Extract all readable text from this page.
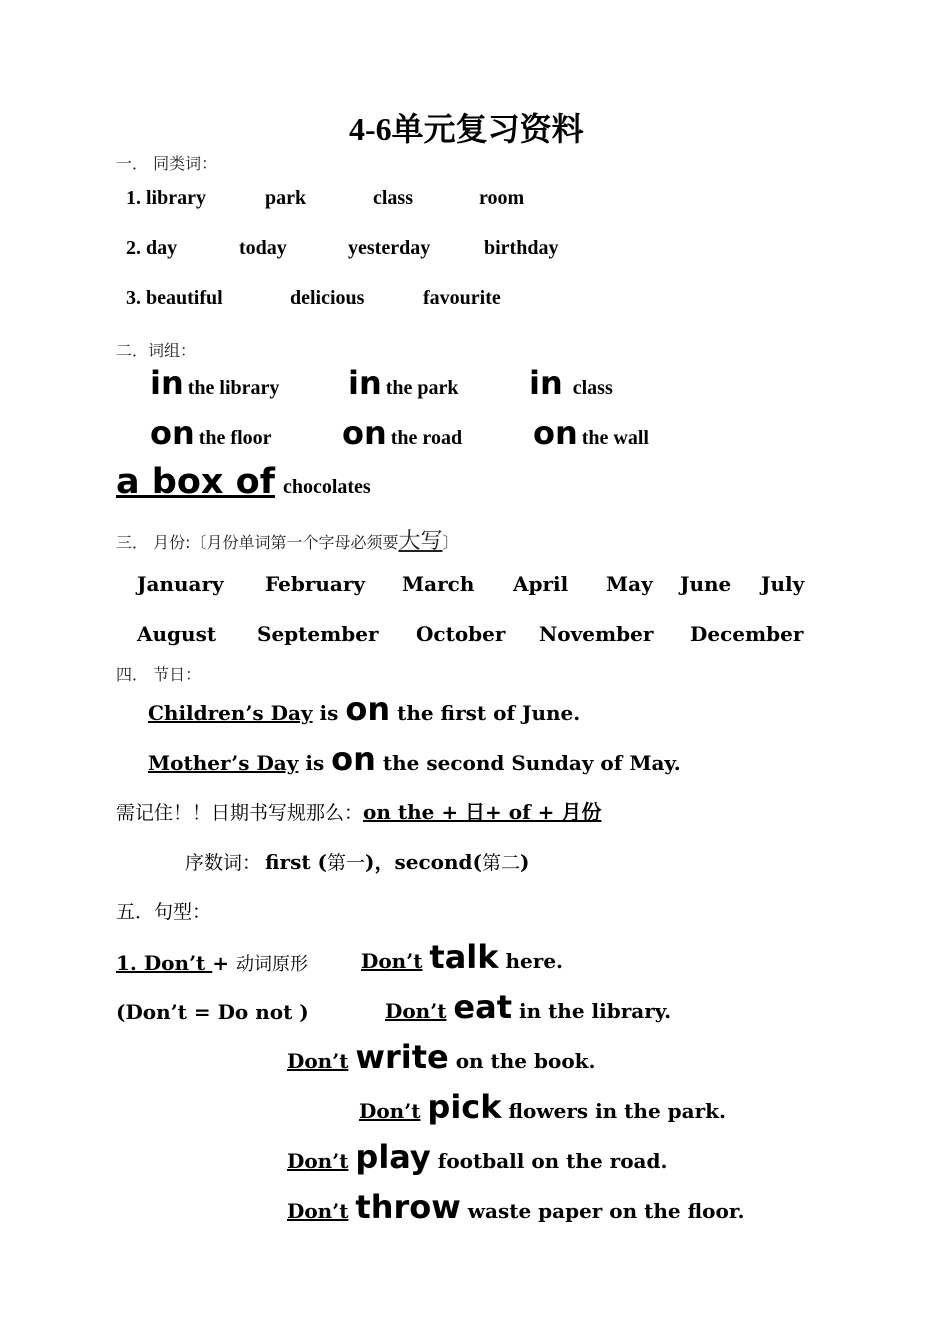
4-6单元复习资料
一． 同类词：
1. library	park	class	room
2. day	today	yesterday	birthday
3. beautiful	delicious	favourite
二．词组：
in the library in the park in class
on the floor on the road on the wall
a box of chocolates
三． 月份:〔月份单词第一个字母必须要大写〕
January February March April May June July
August September October November December
四． 节日：
Children’s Day is on the first of June.
Mother’s Day is on the second Sunday of May.
需记住！！日期书写规那么：on the + 日+ of + 月份
序数词： first (第一)，second(第二)
五．句型：
1. Don’t + 动词原形
(Don’t = Do not )
Don’t talk here.
Don’t eat in the library.
Don’t write on the book.
Don’t pick flowers in the park.
Don’t play football on the road.
Don’t throw waste paper on the floor.
